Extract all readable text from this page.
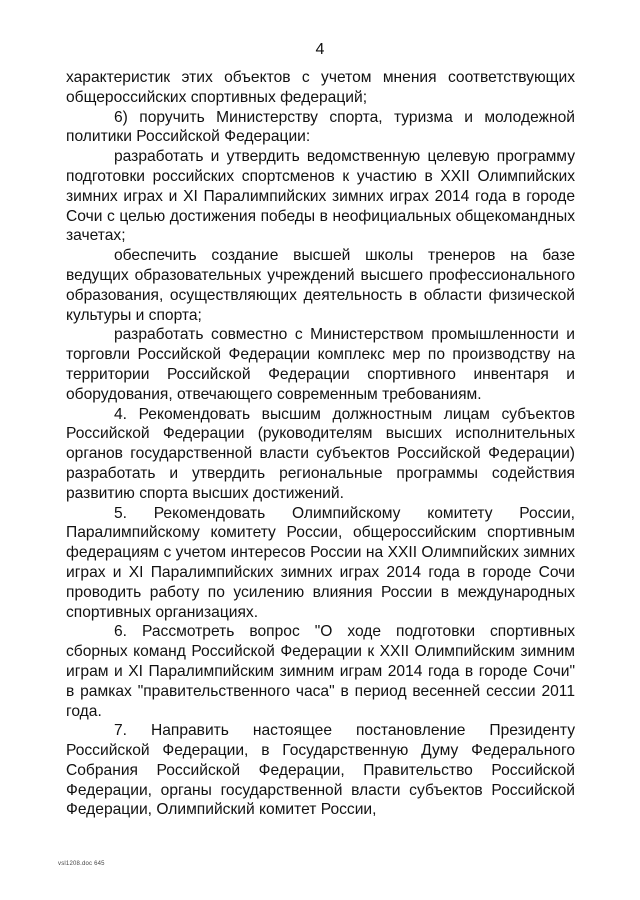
4

характеристик этих объектов с учетом мнения соответствующих общероссийских спортивных федераций;

6) поручить Министерству спорта, туризма и молодежной политики Российской Федерации:

разработать и утвердить ведомственную целевую программу подготовки российских спортсменов к участию в XXII Олимпийских зимних играх и XI Паралимпийских зимних играх 2014 года в городе Сочи с целью достижения победы в неофициальных общекомандных зачетах;

обеспечить создание высшей школы тренеров на базе ведущих образовательных учреждений высшего профессионального образования, осуществляющих деятельность в области физической культуры и спорта;

разработать совместно с Министерством промышленности и торговли Российской Федерации комплекс мер по производству на территории Российской Федерации спортивного инвентаря и оборудования, отвечающего современным требованиям.

4. Рекомендовать высшим должностным лицам субъектов Российской Федерации (руководителям высших исполнительных органов государственной власти субъектов Российской Федерации) разработать и утвердить региональные программы содействия развитию спорта высших достижений.

5. Рекомендовать Олимпийскому комитету России, Паралимпийскому комитету России, общероссийским спортивным федерациям с учетом интересов России на XXII Олимпийских зимних играх и XI Паралимпийских зимних играх 2014 года в городе Сочи проводить работу по усилению влияния России в международных спортивных организациях.

6. Рассмотреть вопрос "О ходе подготовки спортивных сборных команд Российской Федерации к XXII Олимпийским зимним играм и XI Паралимпийским зимним играм 2014 года в городе Сочи" в рамках "правительственного часа" в период весенней сессии 2011 года.

7. Направить настоящее постановление Президенту Российской Федерации, в Государственную Думу Федерального Собрания Российской Федерации, Правительство Российской Федерации, органы государственной власти субъектов Российской Федерации, Олимпийский комитет России,

vsl1208.doc 645
